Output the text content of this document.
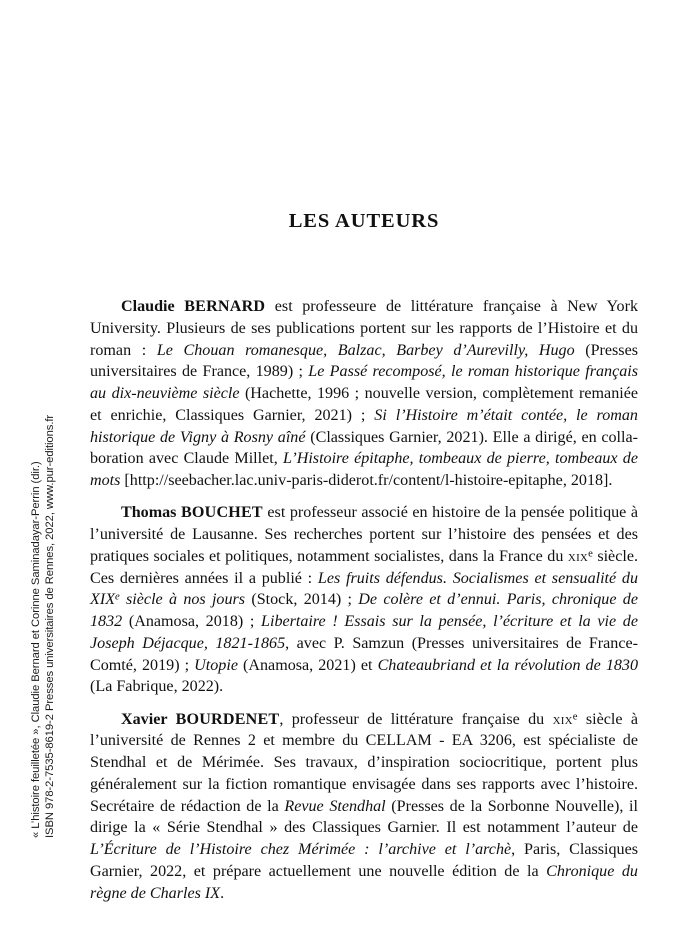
« L’histoire feuilletée », Claudie Bernard et Corinne Saminadayar-Perrin (dir.) ISBN 978-2-7535-8619-2 Presses universitaires de Rennes, 2022, www.pur-editions.fr
LES AUTEURS

Claudie BERNARD est professeure de littérature française à New York University. Plusieurs de ses publications portent sur les rapports de l’Histoire et du roman : Le Chouan romanesque, Balzac, Barbey d’Aurevilly, Hugo (Presses universitaires de France, 1989) ; Le Passé recomposé, le roman historique français au dix-neuvième siècle (Hachette, 1996 ; nouvelle version, complètement remaniée et enrichie, Classiques Garnier, 2021) ; Si l’Histoire m’était contée, le roman historique de Vigny à Rosny aîné (Classiques Garnier, 2021). Elle a dirigé, en collaboration avec Claude Millet, L’Histoire épitaphe, tombeaux de pierre, tombeaux de mots [http://seebacher.lac.univ-paris-diderot.fr/content/l-histoire-epitaphe, 2018].

Thomas BOUCHET est professeur associé en histoire de la pensée politique à l’université de Lausanne. Ses recherches portent sur l’histoire des pensées et des pratiques sociales et politiques, notamment socialistes, dans la France du xix$^e$ siècle. Ces dernières années il a publié : Les fruits défendus. Socialismes et sensualité du XIXe siècle à nos jours (Stock, 2014) ; De colère et d’ennui. Paris, chronique de 1832 (Anamosa, 2018) ; Libertaire ! Essais sur la pensée, l’écriture et la vie de Joseph Déjacque, 1821-1865, avec P. Samzun (Presses universitaires de France-Comté, 2019) ; Utopie (Anamosa, 2021) et Chateaubriand et la révolution de 1830 (La Fabrique, 2022).

Xavier BOURDENET, professeur de littérature française du xix$^e$ siècle à l’université de Rennes 2 et membre du CELLAM - EA 3206, est spécialiste de Stendhal et de Mérimée. Ses travaux, d’inspiration sociocritique, portent plus généralement sur la fiction romantique envisagée dans ses rapports avec l’histoire. Secrétaire de rédaction de la Revue Stendhal (Presses de la Sorbonne Nouvelle), il dirige la « Série Stendhal » des Classiques Garnier. Il est notamment l’auteur de L’Écriture de l’Histoire chez Mérimée : l’archive et l’archè, Paris, Classiques Garnier, 2022, et prépare actuellement une nouvelle édition de la Chronique du règne de Charles IX.
